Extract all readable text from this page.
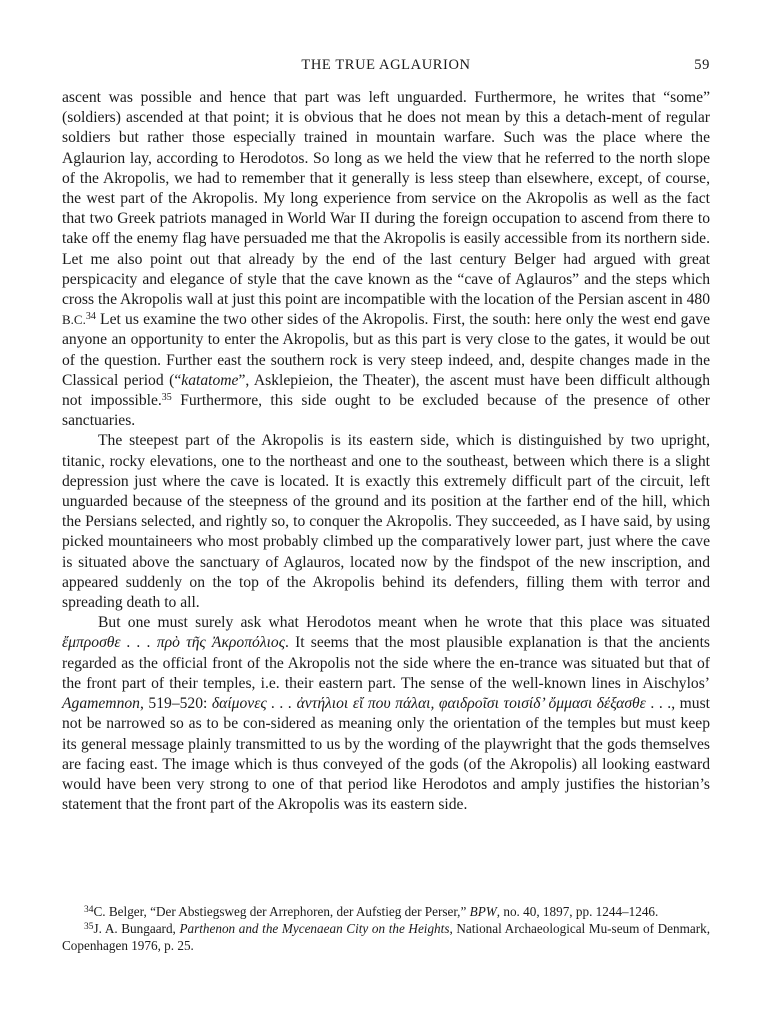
THE TRUE AGLAURION	59

ascent was possible and hence that part was left unguarded. Furthermore, he writes that “some” (soldiers) ascended at that point; it is obvious that he does not mean by this a detach-ment of regular soldiers but rather those especially trained in mountain warfare. Such was the place where the Aglaurion lay, according to Herodotos. So long as we held the view that he referred to the north slope of the Akropolis, we had to remember that it generally is less steep than elsewhere, except, of course, the west part of the Akropolis. My long experience from service on the Akropolis as well as the fact that two Greek patriots managed in World War II during the foreign occupation to ascend from there to take off the enemy flag have persuaded me that the Akropolis is easily accessible from its northern side. Let me also point out that already by the end of the last century Belger had argued with great perspicacity and elegance of style that the cave known as the “cave of Aglauros” and the steps which cross the Akropolis wall at just this point are incompatible with the location of the Persian ascent in 480 B.C.$^{34}$ Let us examine the two other sides of the Akropolis. First, the south: here only the west end gave anyone an opportunity to enter the Akropolis, but as this part is very close to the gates, it would be out of the question. Further east the southern rock is very steep indeed, and, despite changes made in the Classical period (“katatome”, Asklepieion, the Theater), the ascent must have been difficult although not impossible.$^{35}$ Furthermore, this side ought to be excluded because of the presence of other sanctuaries.

The steepest part of the Akropolis is its eastern side, which is distinguished by two upright, titanic, rocky elevations, one to the northeast and one to the southeast, between which there is a slight depression just where the cave is located. It is exactly this extremely difficult part of the circuit, left unguarded because of the steepness of the ground and its position at the farther end of the hill, which the Persians selected, and rightly so, to conquer the Akropolis. They succeeded, as I have said, by using picked mountaineers who most probably climbed up the comparatively lower part, just where the cave is situated above the sanctuary of Aglauros, located now by the findspot of the new inscription, and appeared suddenly on the top of the Akropolis behind its defenders, filling them with terror and spreading death to all.

But one must surely ask what Herodotos meant when he wrote that this place was situated ἔμπροσθε . . . πρὸ τῆς Ἀκροπόλιος. It seems that the most plausible explanation is that the ancients regarded as the official front of the Akropolis not the side where the en-trance was situated but that of the front part of their temples, i.e. their eastern part. The sense of the well-known lines in Aischylos’ Agamemnon, 519–520: δαίμονες . . . ἀντήλιοι εἴ που πάλαι, φαιδροῖσι τοισίδ’ ὄμμασι δέξασθε . . ., must not be narrowed so as to be con-sidered as meaning only the orientation of the temples but must keep its general message plainly transmitted to us by the wording of the playwright that the gods themselves are facing east. The image which is thus conveyed of the gods (of the Akropolis) all looking eastward would have been very strong to one of that period like Herodotos and amply justifies the historian’s statement that the front part of the Akropolis was its eastern side.

$^{34}$C. Belger, “Der Abstiegsweg der Arrephoren, der Aufstieg der Perser,” BPW, no. 40, 1897, pp. 1244–1246.

$^{35}$J. A. Bungaard, Parthenon and the Mycenaean City on the Heights, National Archaeological Mu-seum of Denmark, Copenhagen 1976, p. 25.
